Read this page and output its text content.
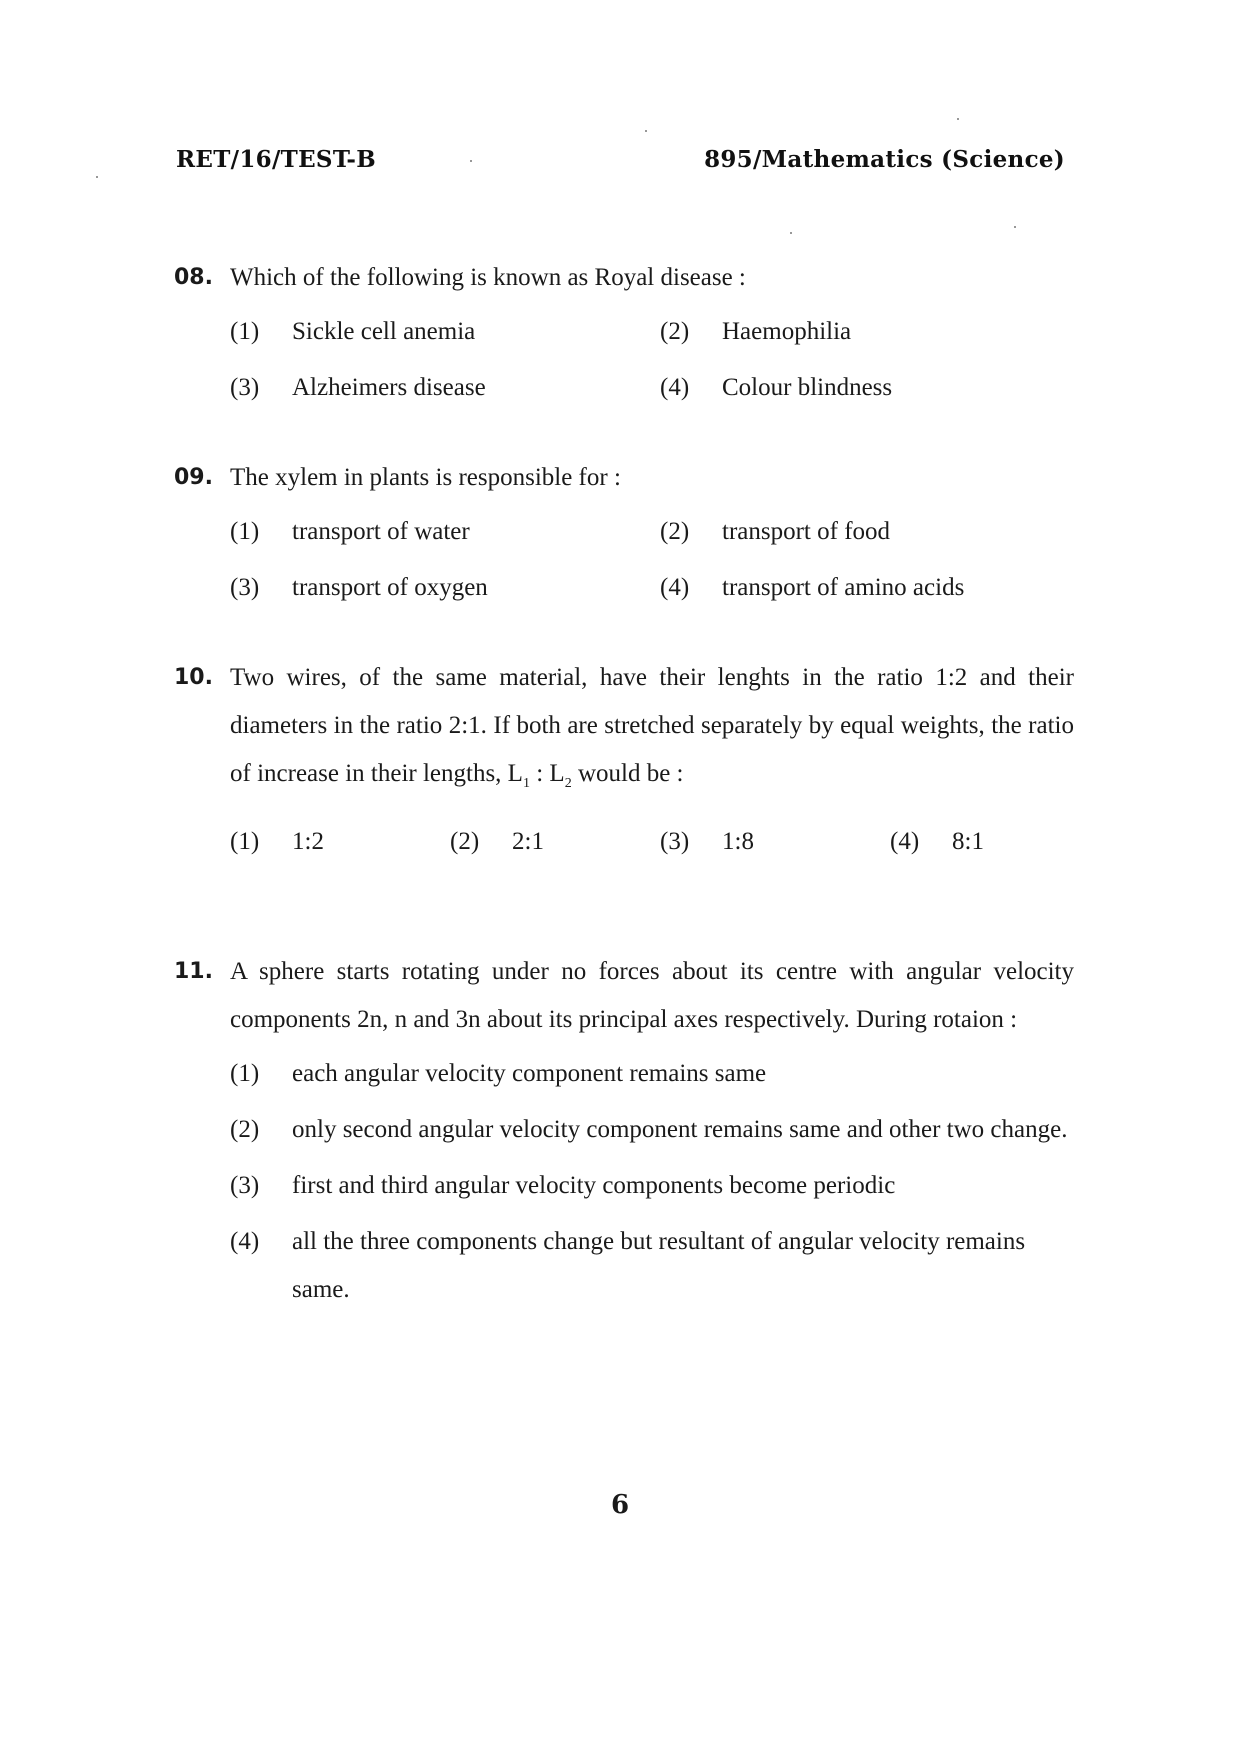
RET/16/TEST-B	895/Mathematics (Science)
08. Which of the following is known as Royal disease :
(1)	Sickle cell anemia	(2)	Haemophilia
(3)	Alzheimers disease	(4)	Colour blindness
09. The xylem in plants is responsible for :
(1)	transport of water	(2)	transport of food
(3)	transport of oxygen	(4)	transport of amino acids
10. Two wires, of the same material, have their lenghts in the ratio 1:2 and their diameters in the ratio 2:1. If both are stretched separately by equal weights, the ratio of increase in their lengths, $L_1$ : $L_2$ would be :
(1)	1:2	(2)	2:1	(3)	1:8	(4)	8:1
11. A sphere starts rotating under no forces about its centre with angular velocity components 2n, n and 3n about its principal axes respectively. During rotaion :
(1)	each angular velocity component remains same
(2)	only second angular velocity component remains same and other two change.
(3)	first and third angular velocity components become periodic
(4)	all the three components change but resultant of angular velocity remains same.
6
